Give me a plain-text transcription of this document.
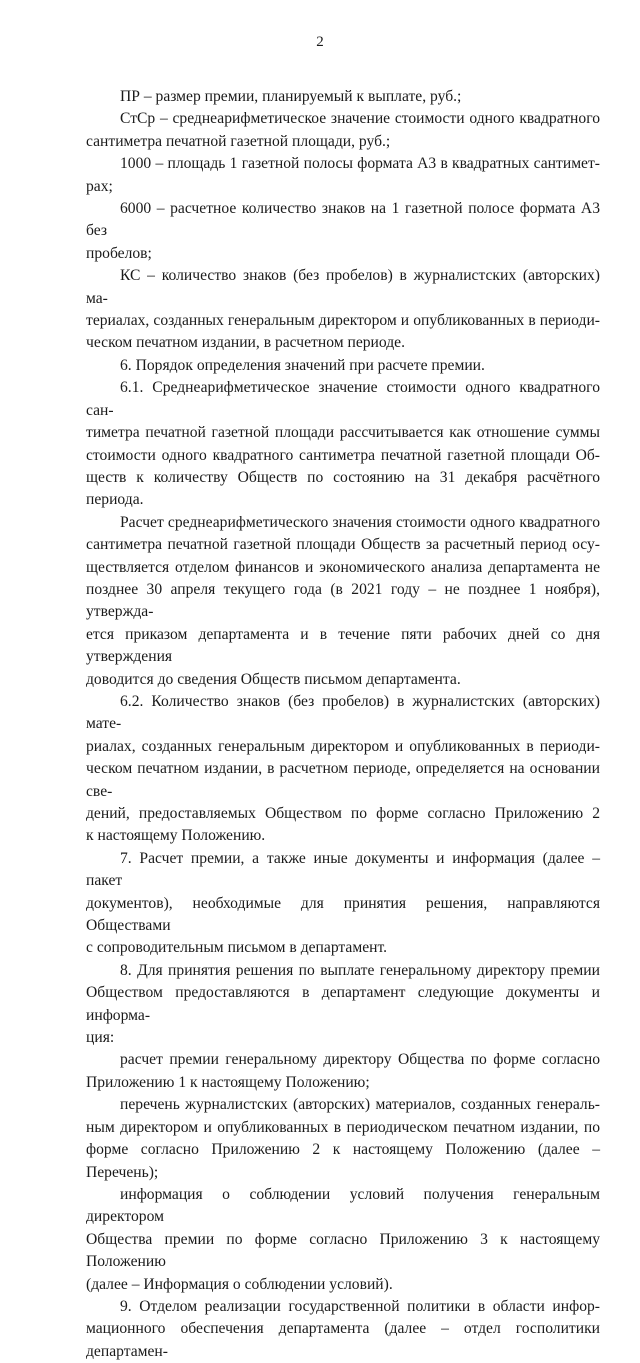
2
ПР – размер премии, планируемый к выплате, руб.;
СтСр – среднеарифметическое значение стоимости одного квадратного
сантиметра печатной газетной площади, руб.;
1000 – площадь 1 газетной полосы формата А3 в квадратных сантимет-
рах;
6000 – расчетное количество знаков на 1 газетной полосе формата А3 без
пробелов;
КС – количество знаков (без пробелов) в журналистских (авторских) ма-
териалах, созданных генеральным директором и опубликованных в периоди-
ческом печатном издании, в расчетном периоде.
6. Порядок определения значений при расчете премии.
6.1. Среднеарифметическое значение стоимости одного квадратного сан-
тиметра печатной газетной площади рассчитывается как отношение суммы
стоимости одного квадратного сантиметра печатной газетной площади Об-
ществ к количеству Обществ по состоянию на 31 декабря расчётного периода.
Расчет среднеарифметического значения стоимости одного квадратного
сантиметра печатной газетной площади Обществ за расчетный период осу-
ществляется отделом финансов и экономического анализа департамента не
позднее 30 апреля текущего года (в 2021 году – не позднее 1 ноября), утвержда-
ется приказом департамента и в течение пяти рабочих дней со дня утверждения
доводится до сведения Обществ письмом департамента.
6.2. Количество знаков (без пробелов) в журналистских (авторских) мате-
риалах, созданных генеральным директором и опубликованных в периоди-
ческом печатном издании, в расчетном периоде, определяется на основании све-
дений, предоставляемых Обществом по форме согласно Приложению 2
к настоящему Положению.
7. Расчет премии, а также иные документы и информация (далее – пакет
документов), необходимые для принятия решения, направляются Обществами
с сопроводительным письмом в департамент.
8. Для принятия решения по выплате генеральному директору премии
Обществом предоставляются в департамент следующие документы и информа-
ция:
расчет премии генеральному директору Общества по форме согласно
Приложению 1 к настоящему Положению;
перечень журналистских (авторских) материалов, созданных генераль-
ным директором и опубликованных в периодическом печатном издании, по
форме согласно Приложению 2 к настоящему Положению (далее – Перечень);
информация о соблюдении условий получения генеральным директором
Общества премии по форме согласно Приложению 3 к настоящему Положению
(далее – Информация о соблюдении условий).
9. Отделом реализации государственной политики в области инфор-
мационного обеспечения департамента (далее – отдел госполитики департамен-
